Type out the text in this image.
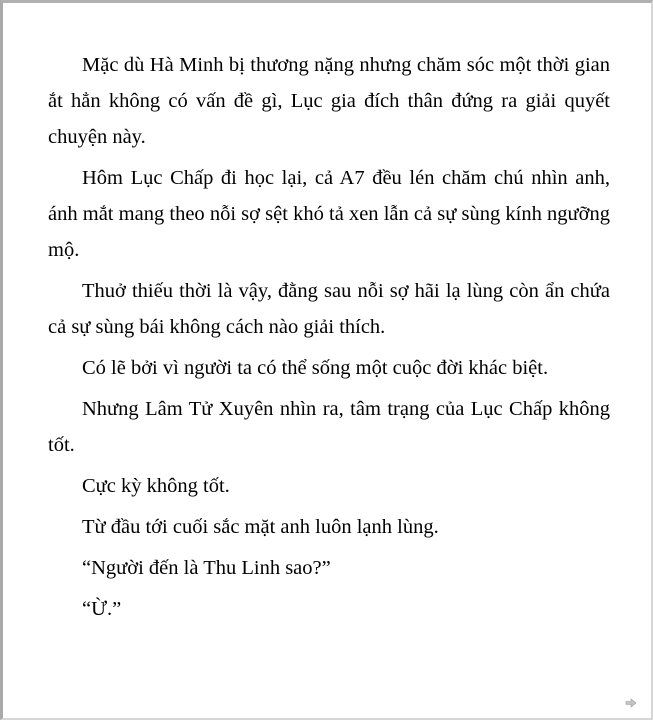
Mặc dù Hà Minh bị thương nặng nhưng chăm sóc một thời gian ắt hẳn không có vấn đề gì, Lục gia đích thân đứng ra giải quyết chuyện này.

Hôm Lục Chấp đi học lại, cả A7 đều lén chăm chú nhìn anh, ánh mắt mang theo nỗi sợ sệt khó tả xen lẫn cả sự sùng kính ngưỡng mộ.

Thuở thiếu thời là vậy, đằng sau nỗi sợ hãi lạ lùng còn ẩn chứa cả sự sùng bái không cách nào giải thích.

Có lẽ bởi vì người ta có thể sống một cuộc đời khác biệt.

Nhưng Lâm Tử Xuyên nhìn ra, tâm trạng của Lục Chấp không tốt.

Cực kỳ không tốt.

Từ đầu tới cuối sắc mặt anh luôn lạnh lùng.

“Người đến là Thu Linh sao?”

“Ừ.”
